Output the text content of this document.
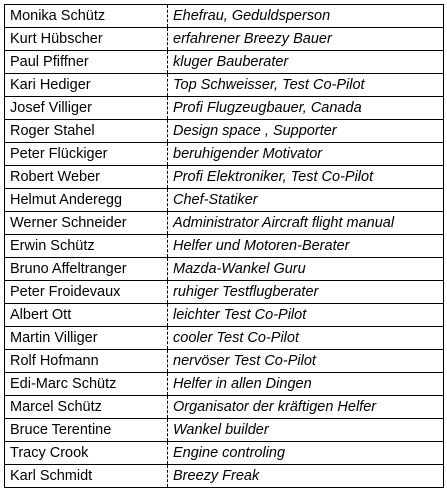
Monika Schütz	Ehefrau, Geduldsperson
Kurt Hübscher	erfahrener Breezy Bauer
Paul Pfiffner	kluger Bauberater
Kari Hediger	Top Schweisser, Test Co-Pilot
Josef Villiger	Profi Flugzeugbauer, Canada
Roger Stahel	Design space , Supporter
Peter Flückiger	beruhigender Motivator
Robert Weber	Profi Elektroniker, Test Co-Pilot
Helmut Anderegg	Chef-Statiker
Werner Schneider	Administrator Aircraft flight manual
Erwin Schütz	Helfer und Motoren-Berater
Bruno Affeltranger	Mazda-Wankel Guru
Peter Froidevaux	ruhiger Testflugberater
Albert Ott	leichter Test Co-Pilot
Martin Villiger	cooler Test Co-Pilot
Rolf Hofmann	nervöser Test Co-Pilot
Edi-Marc Schütz	Helfer in allen Dingen
Marcel Schütz	Organisator der kräftigen Helfer
Bruce Terentine	Wankel builder
Tracy Crook	Engine controling
Karl Schmidt	Breezy Freak
